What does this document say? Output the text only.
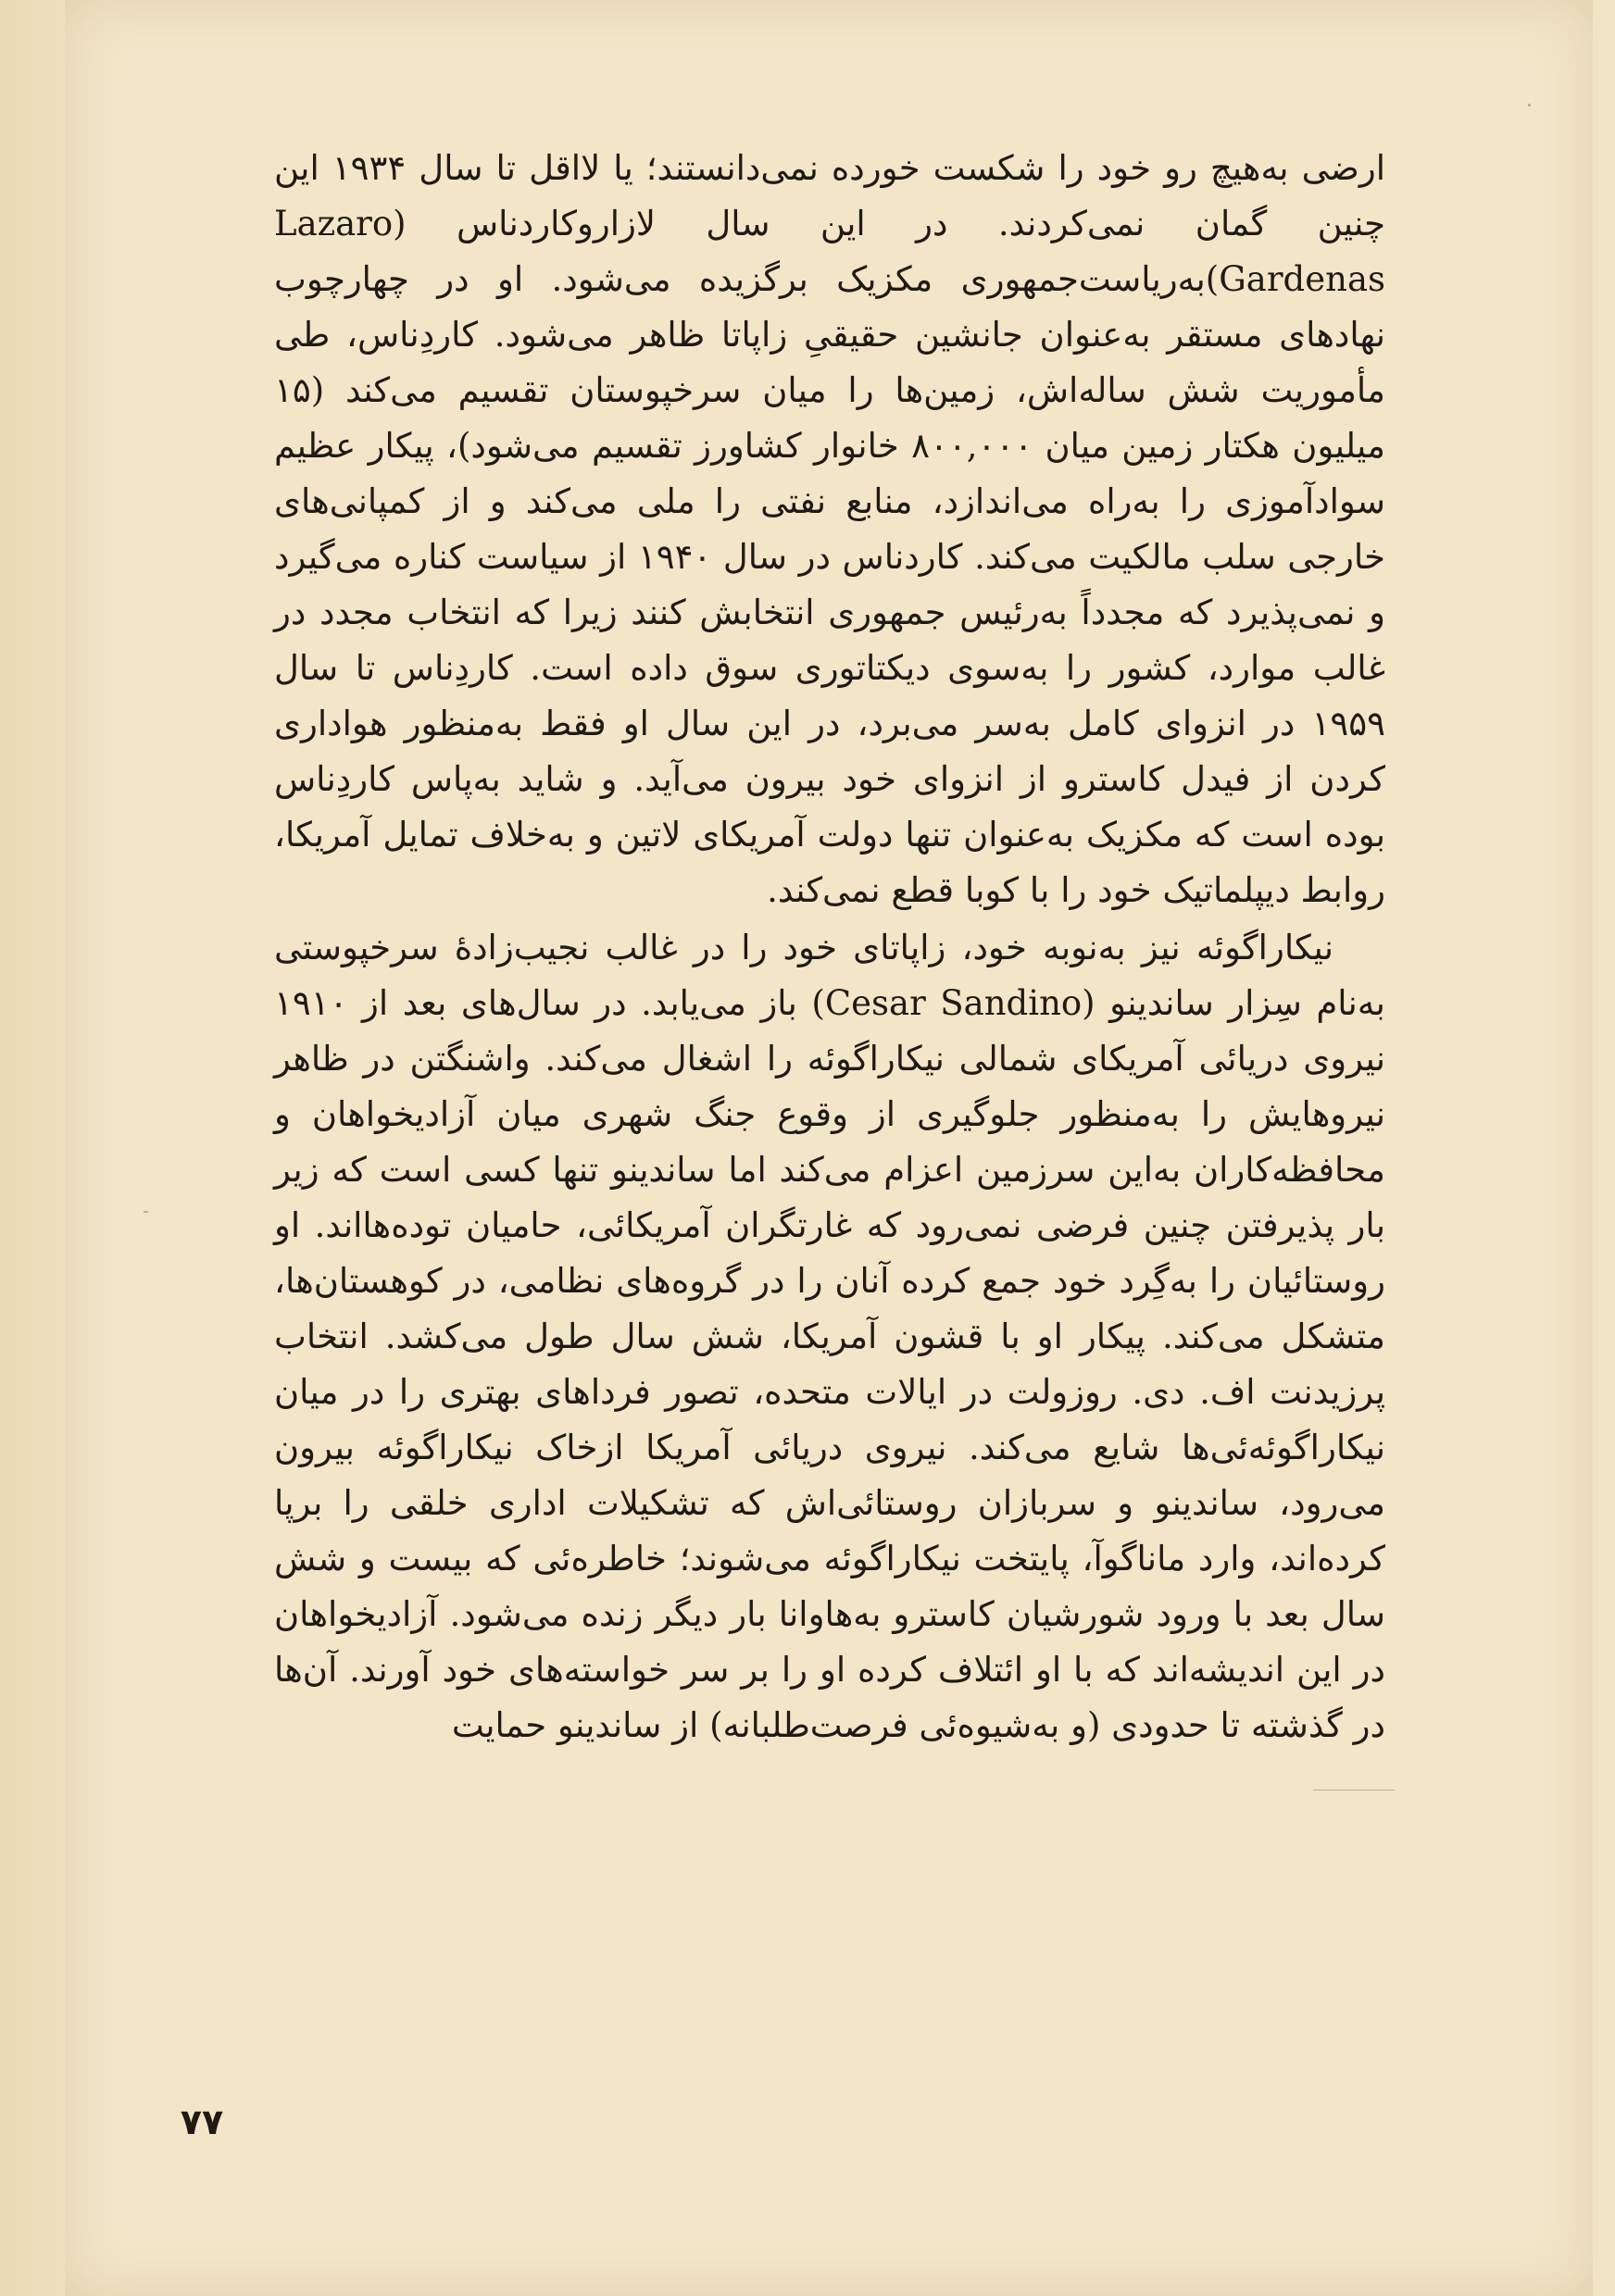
ارضی به‌هیچ رو خود را شکست خورده نمی‌دانستند؛ یا لااقل تا سال ۱۹۳۴ این چنین گمان نمی‌کردند. در این سال لازاروکاردناس (Lazaro Gardenas)به‌ریاست‌جمهوری مکزیک برگزیده می‌شود. او در چهارچوب نهادهای مستقر به‌عنوان جانشین حقیقیِ زاپاتا ظاهر می‌شود. کاردِناس، طی مأموریت شش ساله‌اش، زمین‌ها را میان سرخپوستان تقسیم می‌کند (۱۵ میلیون هکتار زمین میان ۸۰۰,۰۰۰ خانوار کشاورز تقسیم می‌شود)، پیکار عظیم سوادآموزی را به‌راه می‌اندازد، منابع نفتی را ملی می‌کند و از کمپانی‌های خارجی سلب مالکیت می‌کند. کاردناس در سال ۱۹۴۰ از سیاست کناره می‌گیرد و نمی‌پذیرد که مجدداً به‌رئیس جمهوری انتخابش کنند زیرا که انتخاب مجدد در غالب موارد، کشور را به‌سوی دیکتاتوری سوق داده است. کاردِناس تا سال ۱۹۵۹ در انزوای کامل به‌سر می‌برد، در این سال او فقط به‌منظور هواداری کردن از فیدل کاسترو از انزوای خود بیرون می‌آید. و شاید به‌پاس کاردِناس بوده است که مکزیک به‌عنوان تنها دولت آمریکای لاتین و به‌خلاف تمایل آمریکا، روابط دیپلماتیک خود را با کوبا قطع نمی‌کند.

نیکاراگوئه نیز به‌نوبه خود، زاپاتای خود را در غالب نجیب‌زادهٔ سرخپوستی به‌نام سِزار ساندینو (Cesar Sandino) باز می‌یابد. در سال‌های بعد از ۱۹۱۰ نیروی دریائی آمریکای شمالی نیکاراگوئه را اشغال می‌کند. واشنگتن در ظاهر نیروهایش را به‌منظور جلوگیری از وقوع جنگ شهری میان آزادیخواهان و محافظه‌کاران به‌این سرزمین اعزام می‌کند اما ساندینو تنها کسی است که زیر بار پذیرفتن چنین فرضی نمی‌رود که غارتگران آمریکائی، حامیان توده‌ها‌اند. او روستائیان را به‌گِرد خود جمع کرده آنان را در گروه‌های نظامی، در کوهستان‌ها، متشکل می‌کند. پیکار او با قشون آمریکا، شش سال طول می‌کشد. انتخاب پرزیدنت اف. دی. روزولت در ایالات متحده، تصور فرداهای بهتری را در میان نیکاراگوئه‌ئی‌ها شایع می‌کند. نیروی دریائی آمریکا ازخاک نیکاراگوئه بیرون می‌رود، ساندینو و سربازان روستائی‌اش که تشکیلات اداری خلقی را برپا کرده‌اند، وارد ماناگوآ، پایتخت نیکاراگوئه می‌شوند؛ خاطره‌ئی که بیست و شش سال بعد با ورود شورشیان کاسترو به‌هاوانا بار دیگر زنده می‌شود. آزادیخواهان در این اندیشه‌اند که با او ائتلاف کرده او را بر سر خواسته‌های خود آورند. آن‌ها در گذشته تا حدودی (و به‌شیوه‌ئی فرصت‌طلبانه) از ساندینو حمایت

۷۷
